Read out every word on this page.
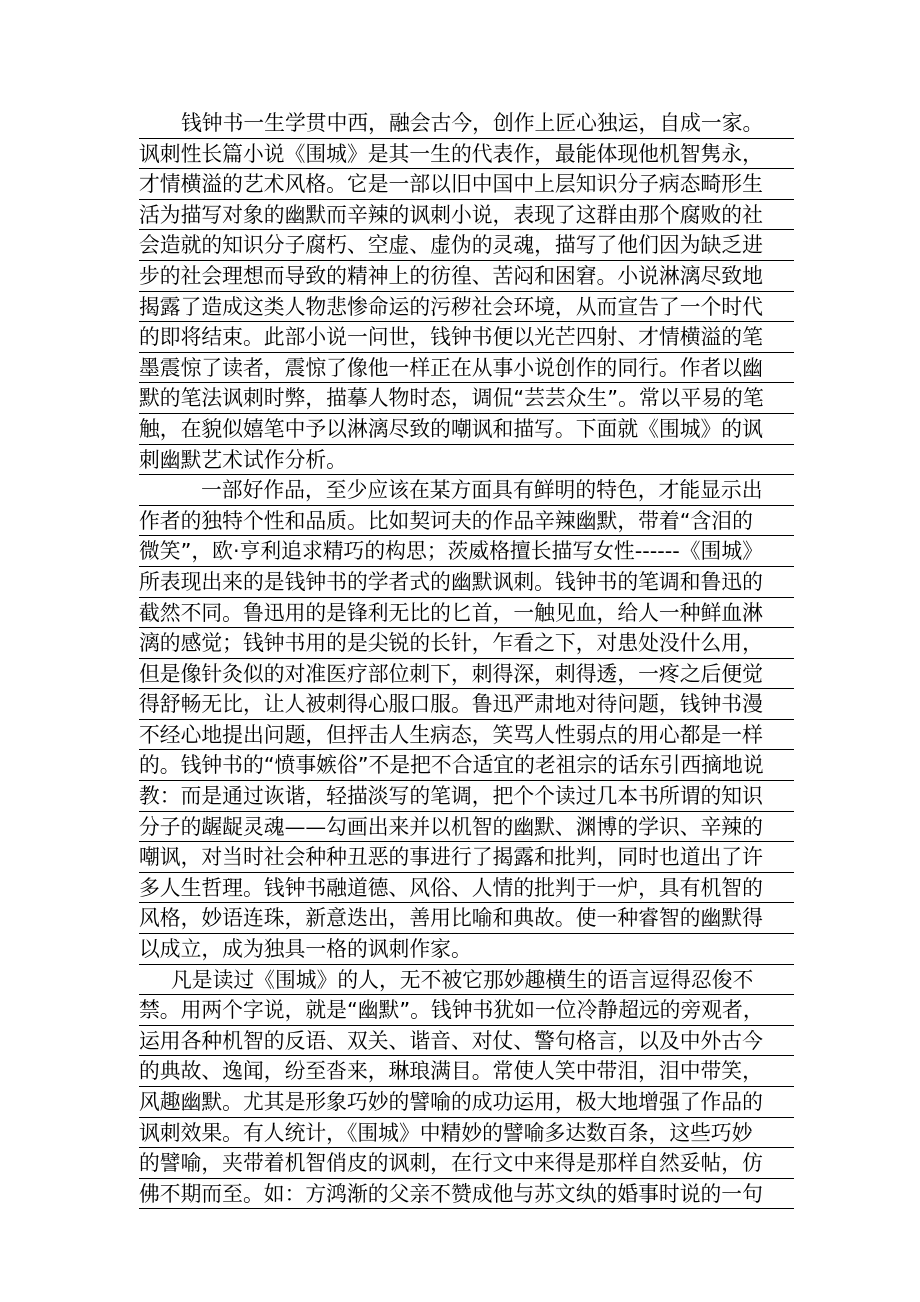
钱钟书一生学贯中西，融会古今，创作上匠心独运，自成一家。
讽刺性长篇小说《围城》是其一生的代表作，最能体现他机智隽永，
才情横溢的艺术风格。它是一部以旧中国中上层知识分子病态畸形生
活为描写对象的幽默而辛辣的讽刺小说，表现了这群由那个腐败的社
会造就的知识分子腐朽、空虚、虚伪的灵魂，描写了他们因为缺乏进
步的社会理想而导致的精神上的彷徨、苦闷和困窘。小说淋漓尽致地
揭露了造成这类人物悲惨命运的污秽社会环境，从而宣告了一个时代
的即将结束。此部小说一问世，钱钟书便以光芒四射、才情横溢的笔
墨震惊了读者，震惊了像他一样正在从事小说创作的同行。作者以幽
默的笔法讽刺时弊，描摹人物时态，调侃“芸芸众生”。常以平易的笔
触，在貌似嬉笔中予以淋漓尽致的嘲讽和描写。下面就《围城》的讽
刺幽默艺术试作分析。
一部好作品，至少应该在某方面具有鲜明的特色，才能显示出
作者的独特个性和品质。比如契诃夫的作品辛辣幽默，带着“含泪的
微笑”，欧·亨利追求精巧的构思；茨威格擅长描写女性------《围城》
所表现出来的是钱钟书的学者式的幽默讽刺。钱钟书的笔调和鲁迅的
截然不同。鲁迅用的是锋利无比的匕首，一触见血，给人一种鲜血淋
漓的感觉；钱钟书用的是尖锐的长针，乍看之下，对患处没什么用，
但是像针灸似的对准医疗部位刺下，刺得深，刺得透，一疼之后便觉
得舒畅无比，让人被刺得心服口服。鲁迅严肃地对待问题，钱钟书漫
不经心地提出问题，但抨击人生病态，笑骂人性弱点的用心都是一样
的。钱钟书的“愤事嫉俗”不是把不合适宜的老祖宗的话东引西摘地说
教：而是通过诙谐，轻描淡写的笔调，把个个读过几本书所谓的知识
分子的龌龊灵魂——勾画出来并以机智的幽默、渊博的学识、辛辣的
嘲讽，对当时社会种种丑恶的事进行了揭露和批判，同时也道出了许
多人生哲理。钱钟书融道德、风俗、人情的批判于一炉，具有机智的
风格，妙语连珠，新意迭出，善用比喻和典故。使一种睿智的幽默得
以成立，成为独具一格的讽刺作家。
凡是读过《围城》的人，无不被它那妙趣横生的语言逗得忍俊不
禁。用两个字说，就是“幽默”。钱钟书犹如一位冷静超远的旁观者，
运用各种机智的反语、双关、谐音、对仗、警句格言，以及中外古今
的典故、逸闻，纷至沓来，琳琅满目。常使人笑中带泪，泪中带笑，
风趣幽默。尤其是形象巧妙的譬喻的成功运用，极大地增强了作品的
讽刺效果。有人统计，《围城》中精妙的譬喻多达数百条，这些巧妙
的譬喻，夹带着机智俏皮的讽刺，在行文中来得是那样自然妥帖，仿
佛不期而至。如：方鸿渐的父亲不赞成他与苏文纨的婚事时说的一句
